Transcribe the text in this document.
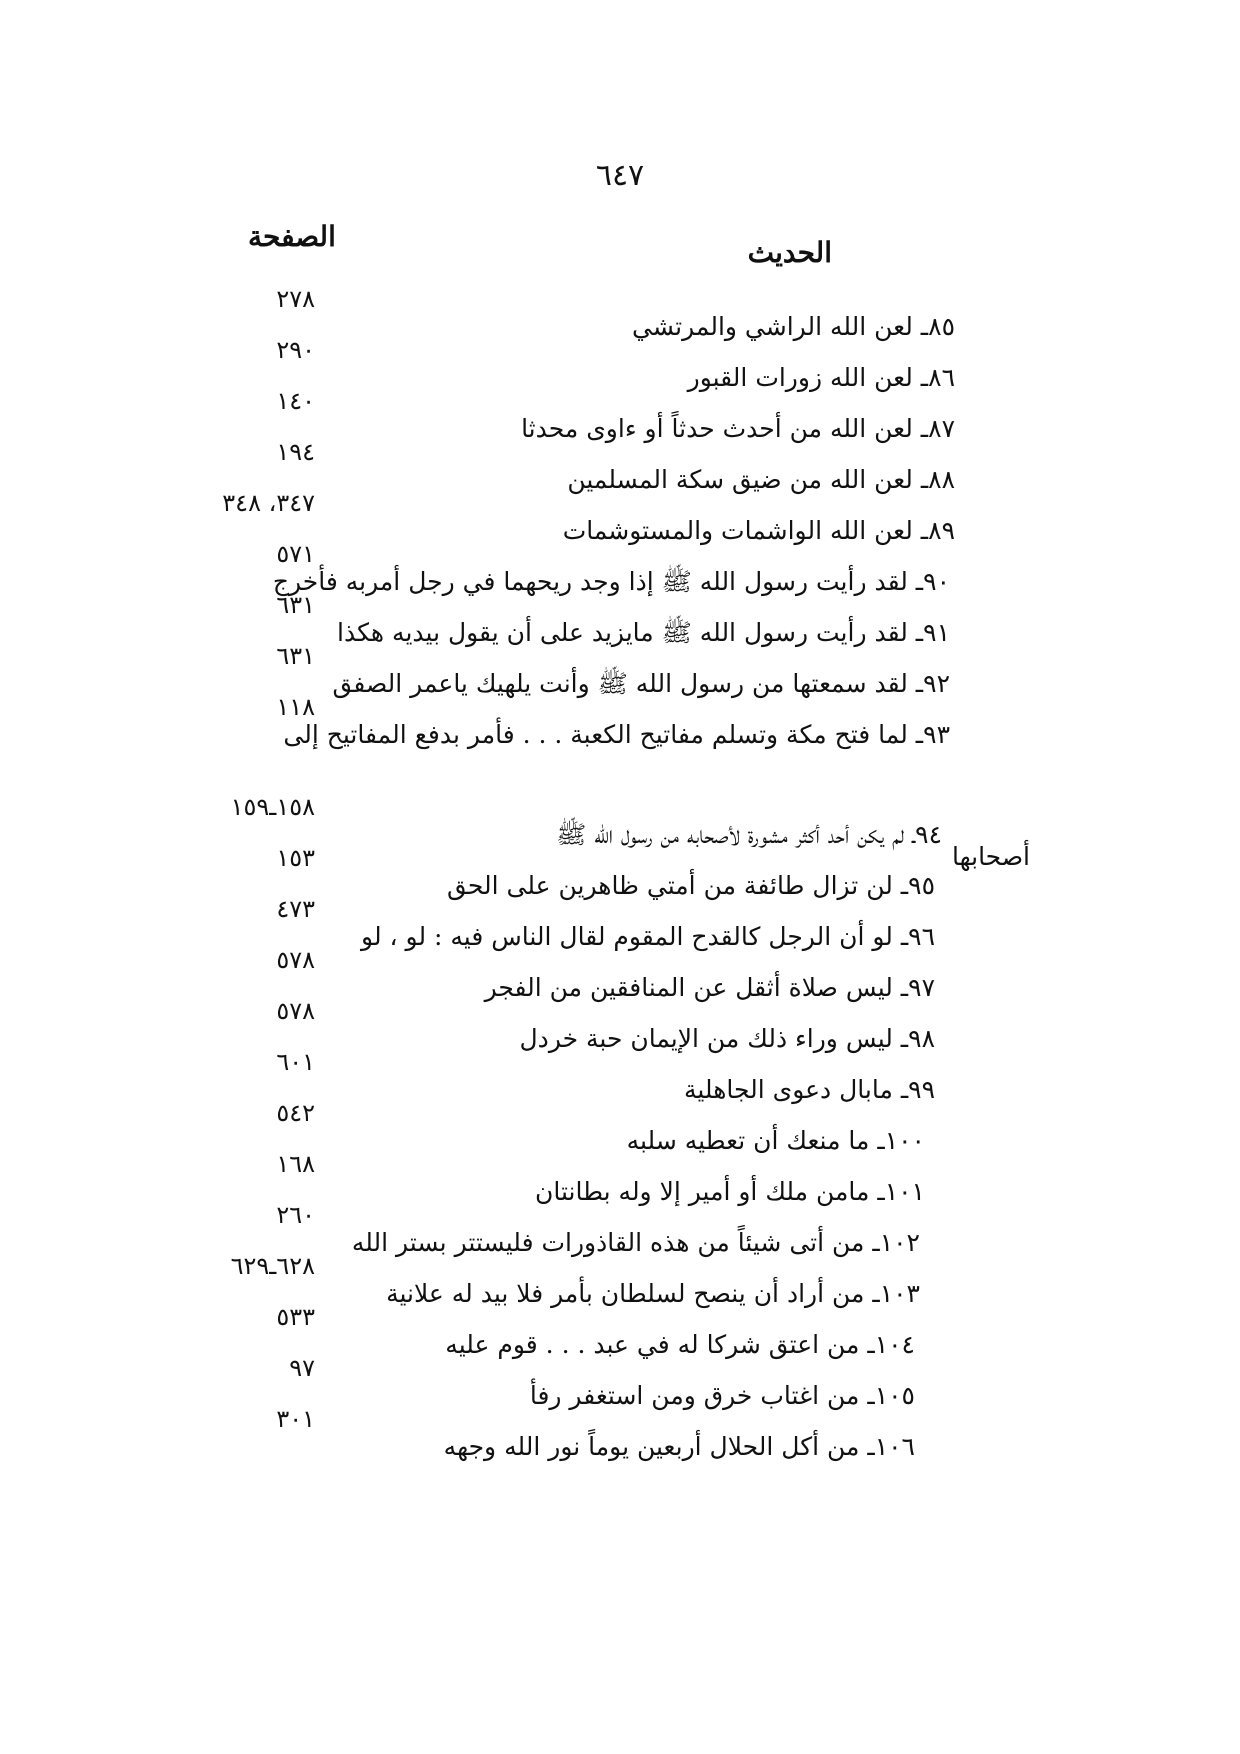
٦٤٧
الحديث
الصفحة
٨٥ـ لعن الله الراشي والمرتشي
٢٧٨
٨٦ـ لعن الله زورات القبور
٢٩٠
٨٧ـ لعن الله من أحدث حدثاً أو ءاوى محدثا
١٤٠
٨٨ـ لعن الله من ضيق سكة المسلمين
١٩٤
٨٩ـ لعن الله الواشمات والمستوشمات
٣٤٧، ٣٤٨
٩٠ـ لقد رأيت رسول الله ﷺ إذا وجد ريحهما في رجل أمربه فأخرج
٥٧١
٩١ـ لقد رأيت رسول الله ﷺ مايزيد على أن يقول بيديه هكذا
٦٣١
٩٢ـ لقد سمعتها من رسول الله ﷺ وأنت يلهيك ياعمر الصفق
٦٣١
٩٣ـ لما فتح مكة وتسلم مفاتيح الكعبة . . . فأمر بدفع المفاتيح إلى
١١٨
٩٤ـ لم يكن أحد أكثر مشورة لأصحابه من رسول الله ﷺ
١٥٨ـ١٥٩
٩٥ـ لن تزال طائفة من أمتي ظاهرين على الحق
١٥٣
٩٦ـ لو أن الرجل كالقدح المقوم لقال الناس فيه : لو ، لو
٤٧٣
٩٧ـ ليس صلاة أثقل عن المنافقين من الفجر
٥٧٨
٩٨ـ ليس وراء ذلك من الإيمان حبة خردل
٥٧٨
٩٩ـ مابال دعوى الجاهلية
٦٠١
١٠٠ـ ما منعك أن تعطيه سلبه
٥٤٢
١٠١ـ مامن ملك أو أمير إلا وله بطانتان
١٦٨
١٠٢ـ من أتى شيئاً من هذه القاذورات فليستتر بستر الله
٢٦٠
١٠٣ـ من أراد أن ينصح لسلطان بأمر فلا بيد له علانية
٦٢٨ـ٦٢٩
١٠٤ـ من اعتق شركا له في عبد . . . قوم عليه
٥٣٣
١٠٥ـ من اغتاب خرق ومن استغفر رفأ
٩٧
١٠٦ـ من أكل الحلال أربعين يوماً نور الله وجهه
٣٠١
أصحابها
